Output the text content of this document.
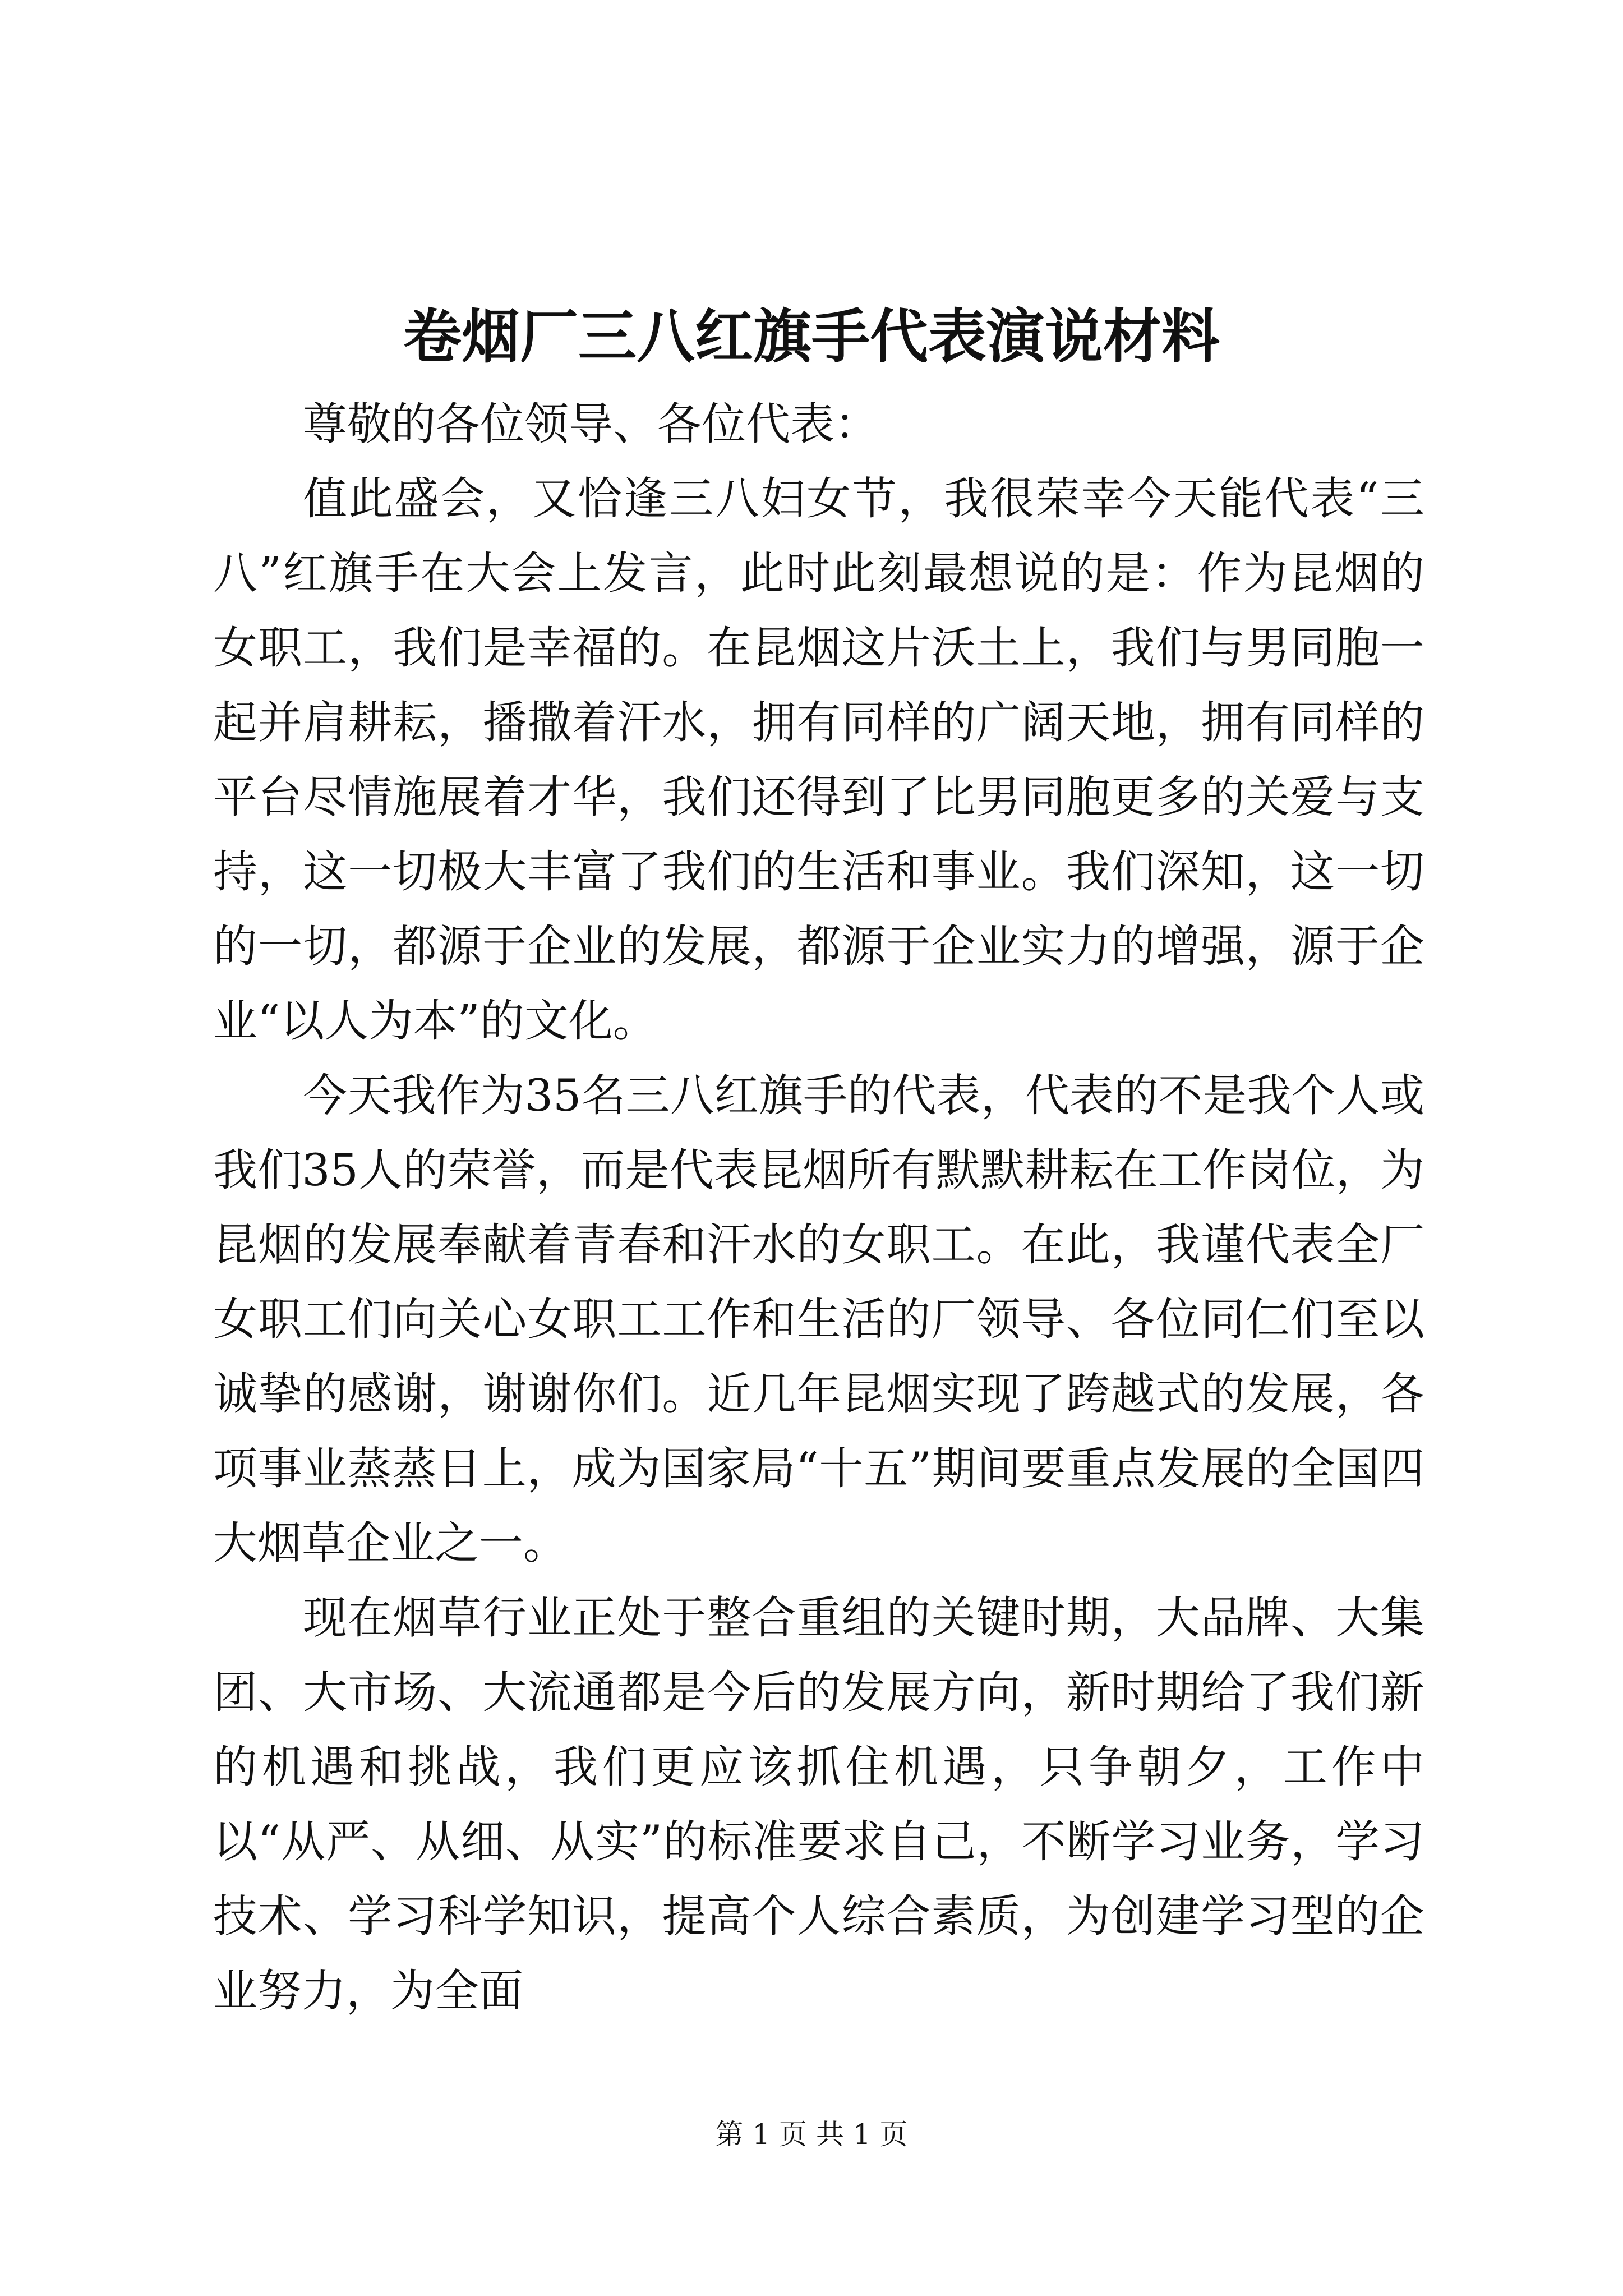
卷烟厂三八红旗手代表演说材料

尊敬的各位领导、各位代表：

值此盛会，又恰逢三八妇女节，我很荣幸今天能代表“三八”红旗手在大会上发言，此时此刻最想说的是：作为昆烟的女职工，我们是幸福的。在昆烟这片沃土上，我们与男同胞一起并肩耕耘，播撒着汗水，拥有同样的广阔天地，拥有同样的平台尽情施展着才华，我们还得到了比男同胞更多的关爱与支持，这一切极大丰富了我们的生活和事业。我们深知，这一切的一切，都源于企业的发展，都源于企业实力的增强，源于企业“以人为本”的文化。

今天我作为35名三八红旗手的代表，代表的不是我个人或我们35人的荣誉，而是代表昆烟所有默默耕耘在工作岗位，为昆烟的发展奉献着青春和汗水的女职工。在此，我谨代表全厂女职工们向关心女职工工作和生活的厂领导、各位同仁们至以诚挚的感谢，谢谢你们。近几年昆烟实现了跨越式的发展，各项事业蒸蒸日上，成为国家局“十五”期间要重点发展的全国四大烟草企业之一。

现在烟草行业正处于整合重组的关键时期，大品牌、大集团、大市场、大流通都是今后的发展方向，新时期给了我们新的机遇和挑战，我们更应该抓住机遇，只争朝夕，工作中以“从严、从细、从实”的标准要求自己，不断学习业务，学习技术、学习科学知识，提高个人综合素质，为创建学习型的企业努力，为全面

第 1 页 共 1 页
